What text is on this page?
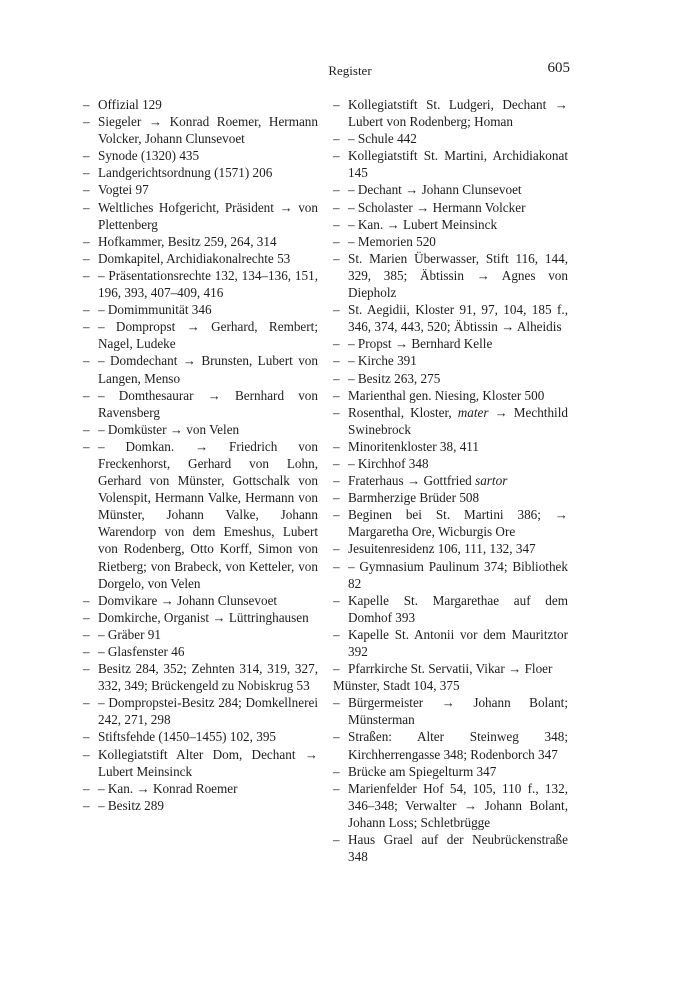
Register	605
– Offizial 129
– Siegeler → Konrad Roemer, Hermann Volcker, Johann Clunsevoet
– Synode (1320) 435
– Landgerichtsordnung (1571) 206
– Vogtei 97
– Weltliches Hofgericht, Präsident → von Plettenberg
– Hofkammer, Besitz 259, 264, 314
– Domkapitel, Archidiakonalrechte 53
– – Präsentationsrechte 132, 134–136, 151, 196, 393, 407–409, 416
– – Domimmunität 346
– – Dompropst → Gerhard, Rembert; Nagel, Ludeke
– – Domdechant → Brunsten, Lubert von Langen, Menso
– – Domthesaurar → Bernhard von Ravensberg
– – Domküster → von Velen
– – Domkan. → Friedrich von Freckenhorst, Gerhard von Lohn, Gerhard von Münster, Gottschalk von Volenspit, Hermann Valke, Hermann von Münster, Johann Valke, Johann Warendorp von dem Emeshus, Lubert von Rodenberg, Otto Korff, Simon von Rietberg; von Brabeck, von Ketteler, von Dorgelo, von Velen
– Domvikare → Johann Clunsevoet
– Domkirche, Organist → Lüttringhausen
– – Gräber 91
– – Glasfenster 46
– Besitz 284, 352; Zehnten 314, 319, 327, 332, 349; Brückengeld zu Nobiskrug 53
– – Dompropstei-Besitz 284; Domkellnerei 242, 271, 298
– Stiftsfehde (1450–1455) 102, 395
– Kollegiatstift Alter Dom, Dechant → Lubert Meinsinck
– – Kan. → Konrad Roemer
– – Besitz 289
– Kollegiatstift St. Ludgeri, Dechant → Lubert von Rodenberg; Homan
– – Schule 442
– Kollegiatstift St. Martini, Archidiakonat 145
– – Dechant → Johann Clunsevoet
– – Scholaster → Hermann Volcker
– – Kan. → Lubert Meinsinck
– – Memorien 520
– St. Marien Überwasser, Stift 116, 144, 329, 385; Äbtissin → Agnes von Diepholz
– St. Aegidii, Kloster 91, 97, 104, 185 f., 346, 374, 443, 520; Äbtissin → Alheidis
– – Propst → Bernhard Kelle
– – Kirche 391
– – Besitz 263, 275
– Marienthal gen. Niesing, Kloster 500
– Rosenthal, Kloster, mater → Mechthild Swinebrock
– Minoritenkloster 38, 411
– – Kirchhof 348
– Fraterhaus → Gottfried sartor
– Barmherzige Brüder 508
– Beginen bei St. Martini 386; → Margaretha Ore, Wicburgis Ore
– Jesuitenresidenz 106, 111, 132, 347
– – Gymnasium Paulinum 374; Bibliothek 82
– Kapelle St. Margarethae auf dem Domhof 393
– Kapelle St. Antonii vor dem Mauritztor 392
– Pfarrkirche St. Servatii, Vikar → Floer
Münster, Stadt 104, 375
– Bürgermeister → Johann Bolant; Münsterman
– Straßen: Alter Steinweg 348; Kirchherrengasse 348; Rodenborch 347
– Brücke am Spiegelturm 347
– Marienfelder Hof 54, 105, 110 f., 132, 346–348; Verwalter → Johann Bolant, Johann Loss; Schletbrügge
– Haus Grael auf der Neubrückenstraße 348
